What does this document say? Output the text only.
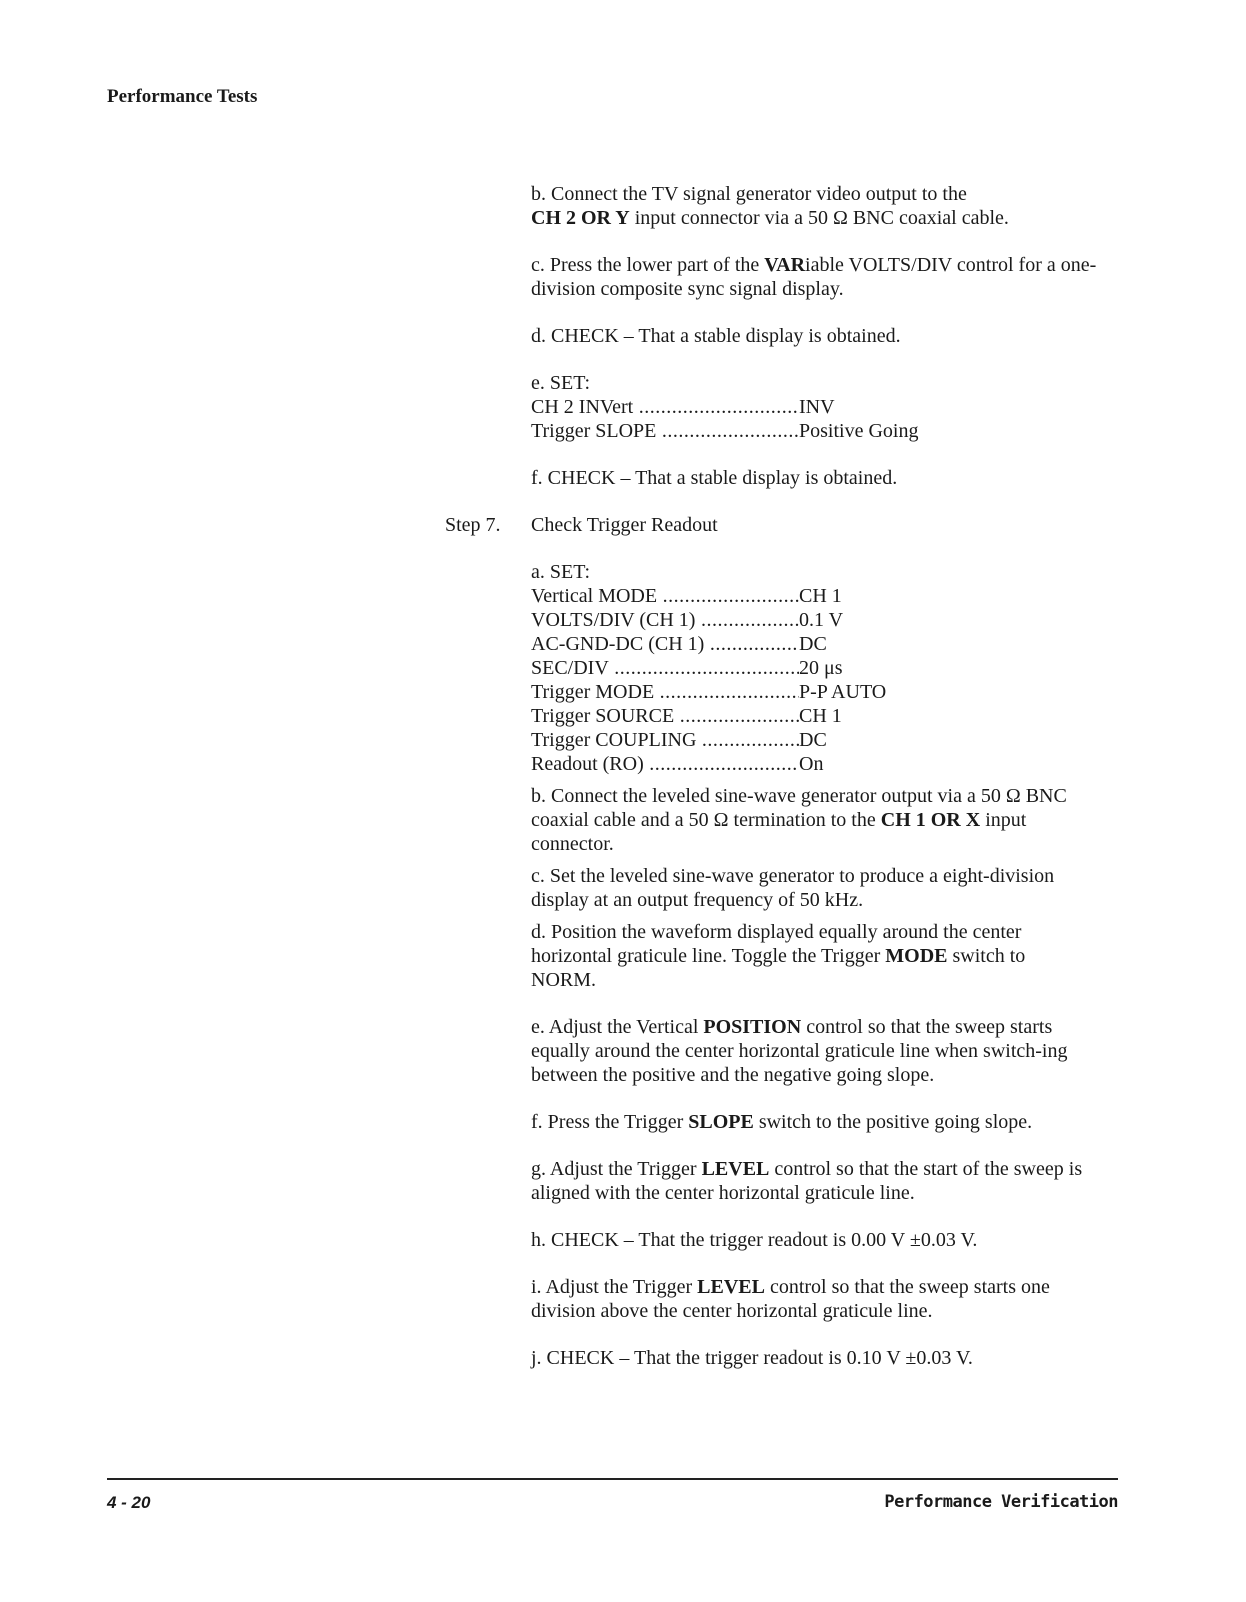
Performance Tests

b. Connect the TV signal generator video output to the
CH 2 OR Y input connector via a 50 Ω BNC coaxial cable.

c. Press the lower part of the VARiable VOLTS/DIV control for a one-division composite sync signal display.

d. CHECK – That a stable display is obtained.

e. SET:
CH 2 INVert .....	INV
Trigger SLOPE .....	Positive Going

f. CHECK – That a stable display is obtained.

Step 7. Check Trigger Readout
a. SET:
Vertical MODE .....	CH 1
VOLTS/DIV (CH 1) .....	0.1 V
AC-GND-DC (CH 1) .....	DC
SEC/DIV .....	20 μs
Trigger MODE .....	P-P AUTO
Trigger SOURCE .....	CH 1
Trigger COUPLING .....	DC
Readout (RO) .....	On

b. Connect the leveled sine-wave generator output via a 50 Ω BNC coaxial cable and a 50 Ω termination to the CH 1 OR X input connector.

c. Set the leveled sine-wave generator to produce a eight-division display at an output frequency of 50 kHz.

d. Position the waveform displayed equally around the center horizontal graticule line. Toggle the Trigger MODE switch to NORM.

e. Adjust the Vertical POSITION control so that the sweep starts equally around the center horizontal graticule line when switch-ing between the positive and the negative going slope.

f. Press the Trigger SLOPE switch to the positive going slope.

g. Adjust the Trigger LEVEL control so that the start of the sweep is aligned with the center horizontal graticule line.

h. CHECK – That the trigger readout is 0.00 V ±0.03 V.

i. Adjust the Trigger LEVEL control so that the sweep starts one division above the center horizontal graticule line.

j. CHECK – That the trigger readout is 0.10 V ±0.03 V.

4 - 20	Performance Verification
